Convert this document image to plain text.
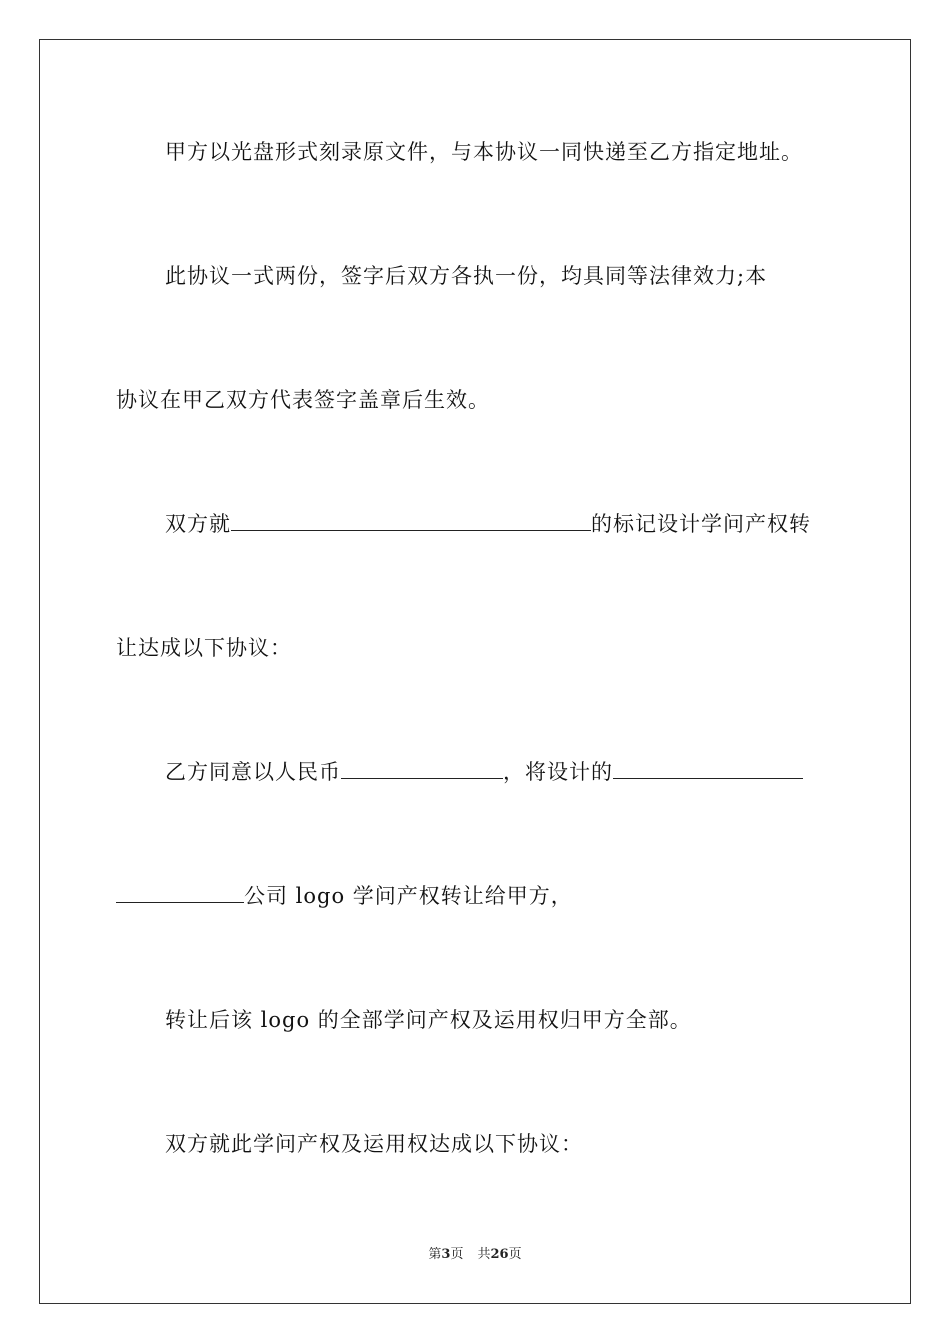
甲方以光盘形式刻录原文件，与本协议一同快递至乙方指定地址。
此协议一式两份，签字后双方各执一份，均具同等法律效力;本
协议在甲乙双方代表签字盖章后生效。
双方就	的标记设计学问产权转
让达成以下协议：
乙方同意以人民币	，将设计的
公司 logo 学问产权转让给甲方，
转让后该 logo 的全部学问产权及运用权归甲方全部。
双方就此学问产权及运用权达成以下协议：
第3页 共26页
